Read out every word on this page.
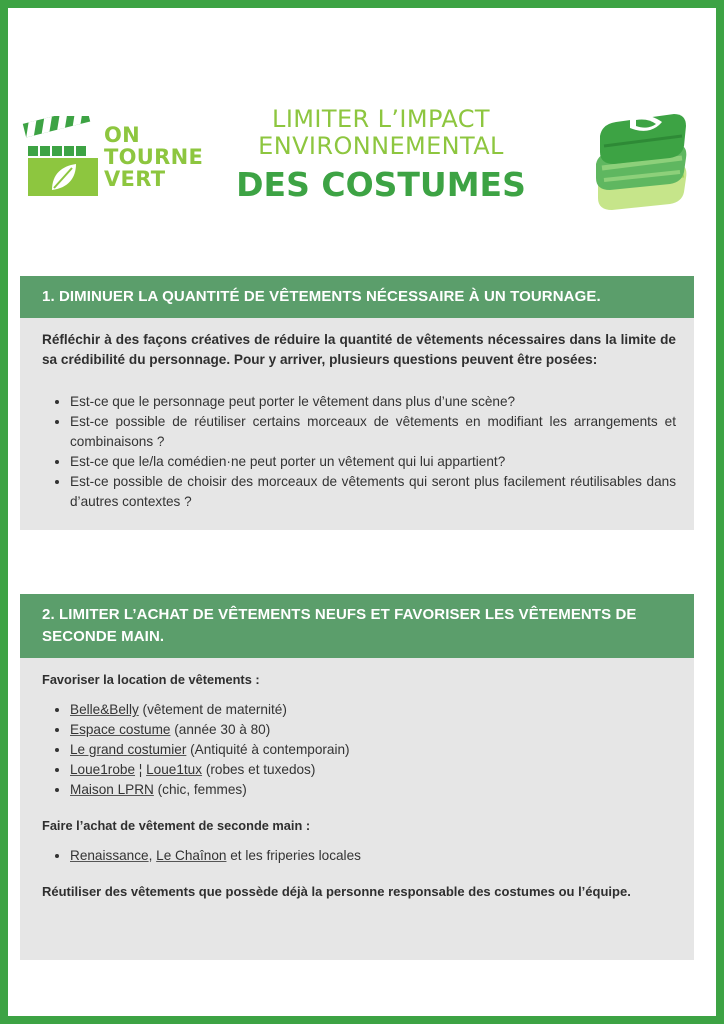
ON
TOURNE
VERT
LIMITER L’IMPACT
ENVIRONNEMENTAL
DES COSTUMES
1. DIMINUER LA QUANTITÉ DE VÊTEMENTS NÉCESSAIRE À UN TOURNAGE.

Réfléchir à des façons créatives de réduire la quantité de vêtements nécessaires dans la limite de sa crédibilité du personnage. Pour y arriver, plusieurs questions peuvent être posées:

• Est-ce que le personnage peut porter le vêtement dans plus d’une scène?
• Est-ce possible de réutiliser certains morceaux de vêtements en modifiant les arrangements et combinaisons ?
• Est-ce que le/la comédien·ne peut porter un vêtement qui lui appartient?
• Est-ce possible de choisir des morceaux de vêtements qui seront plus facilement réutilisables dans d’autres contextes ?
2. LIMITER L’ACHAT DE VÊTEMENTS NEUFS ET FAVORISER LES VÊTEMENTS DE SECONDE MAIN.

Favoriser la location de vêtements :

• Belle&Belly (vêtement de maternité)
• Espace costume (année 30 à 80)
• Le grand costumier (Antiquité à contemporain)
• Loue1robe ¦ Loue1tux (robes et tuxedos)
• Maison LPRN (chic, femmes)

Faire l’achat de vêtement de seconde main :

• Renaissance, Le Chaînon et les friperies locales

Réutiliser des vêtements que possède déjà la personne responsable des costumes ou l’équipe.
